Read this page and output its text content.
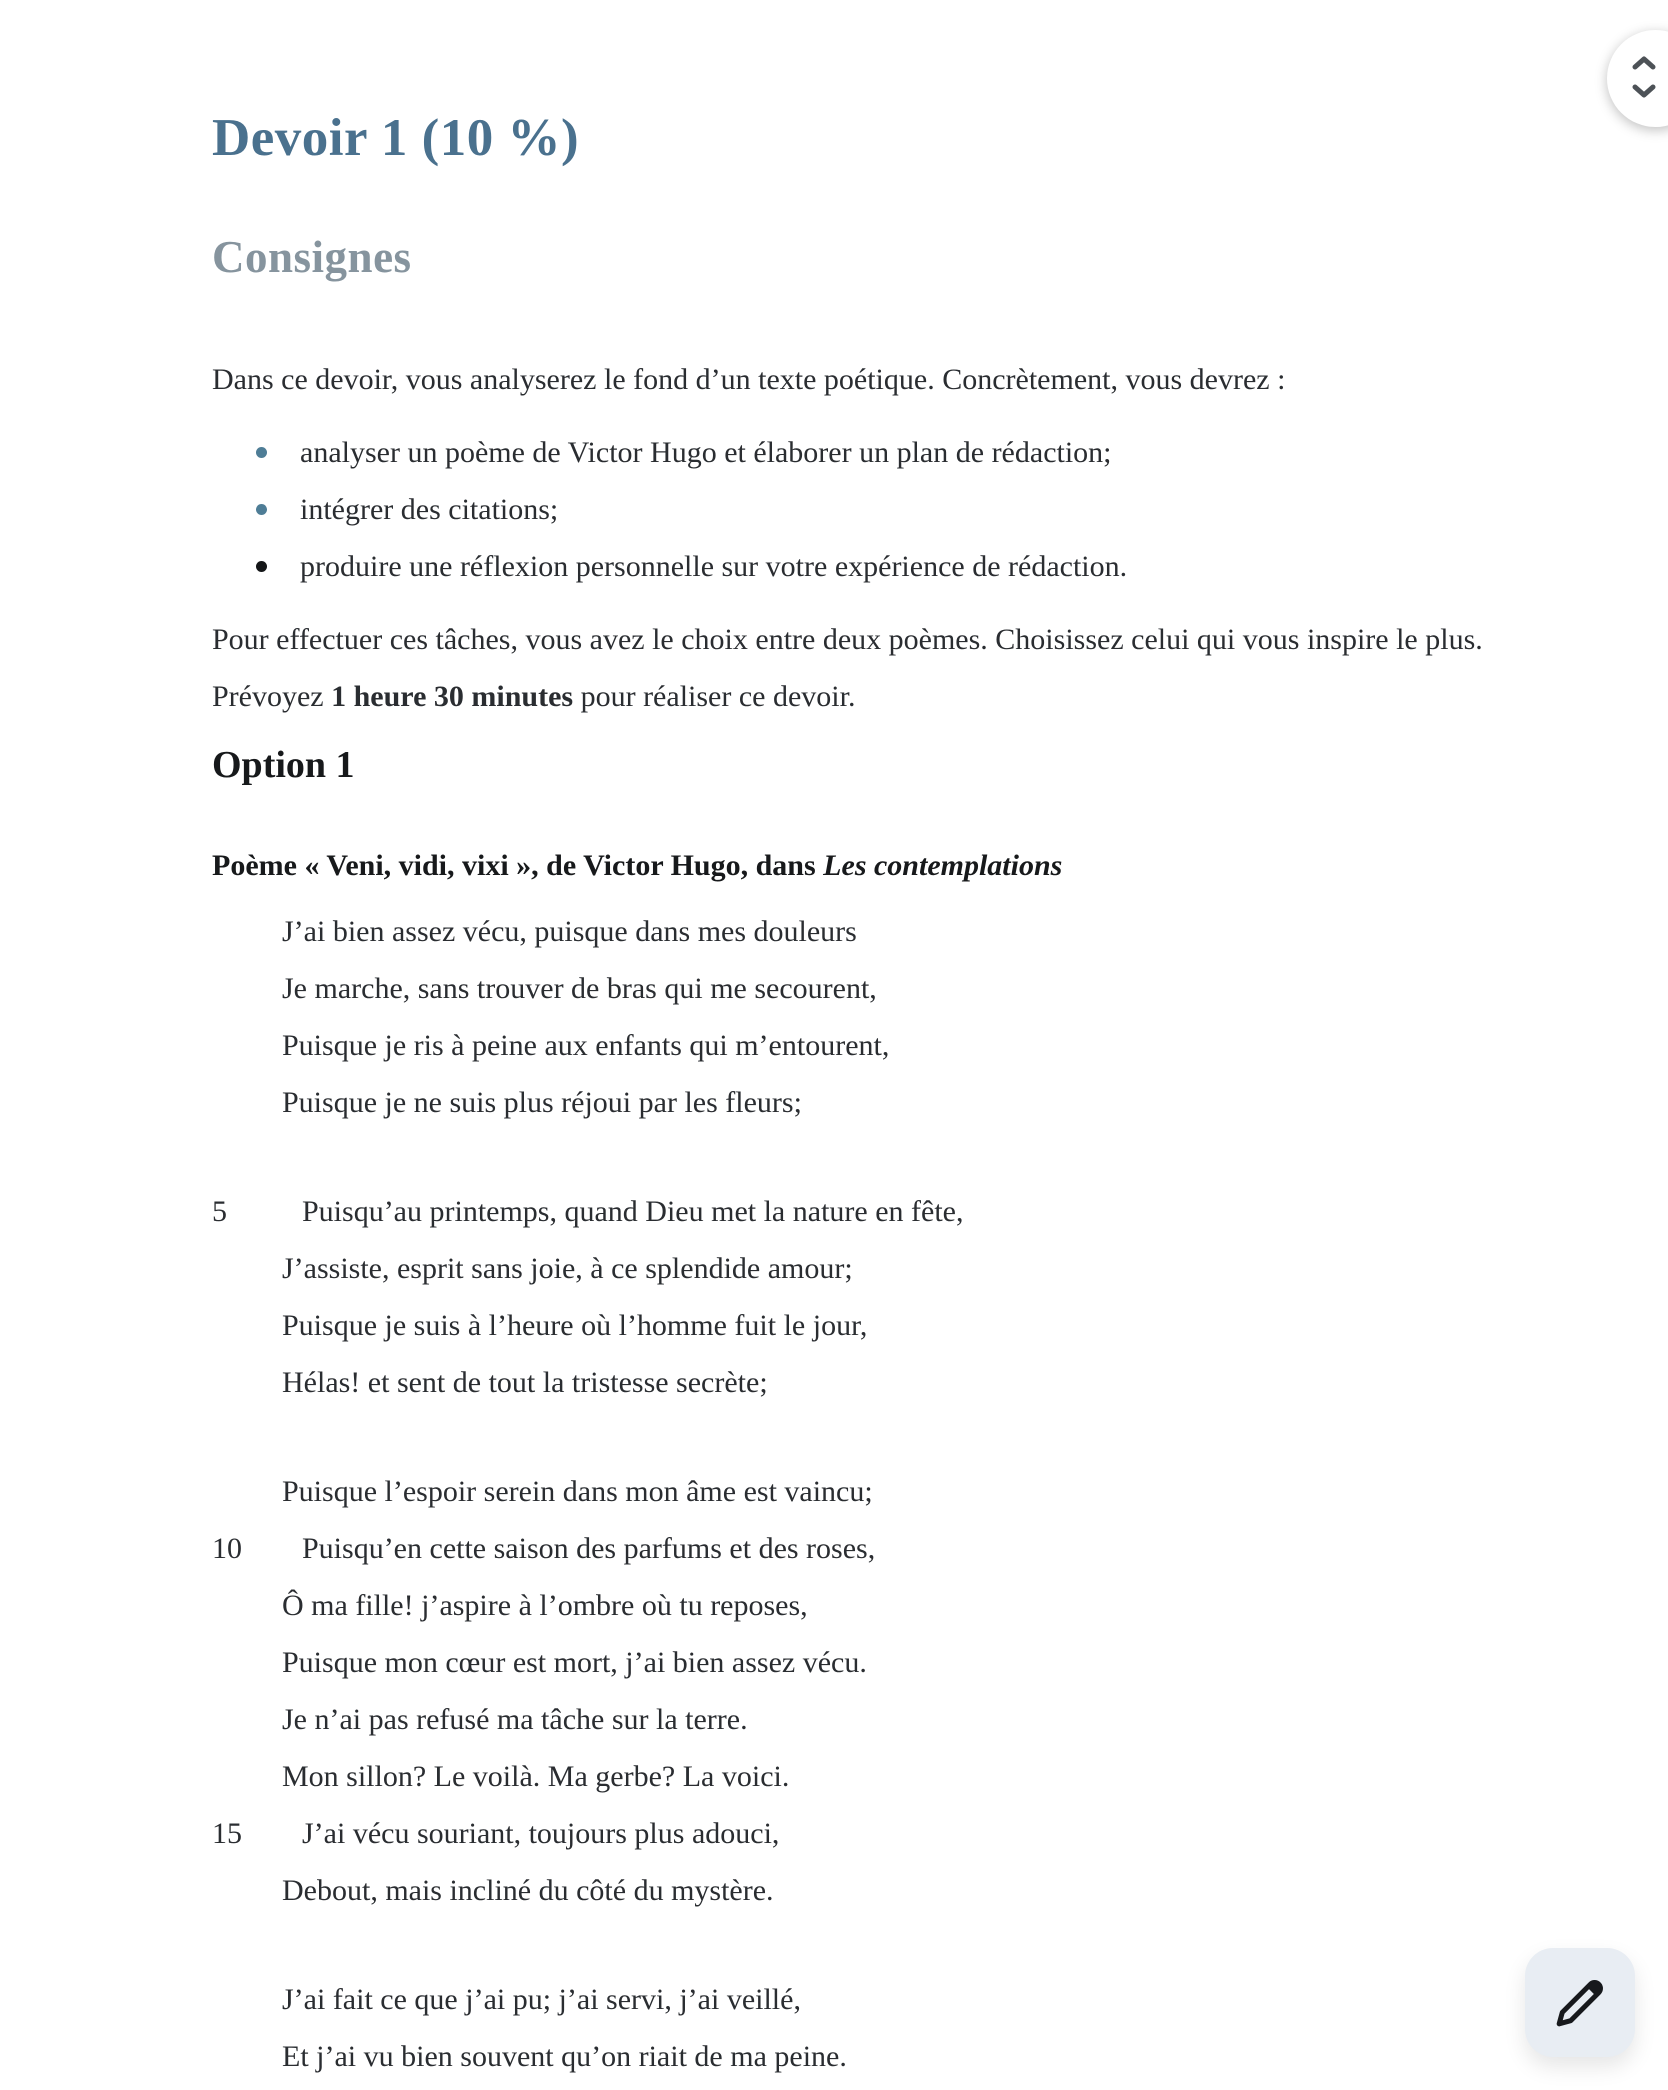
Devoir 1 (10 %)
Consignes

Dans ce devoir, vous analyserez le fond d’un texte poétique. Concrètement, vous devrez :

analyser un poème de Victor Hugo et élaborer un plan de rédaction;
intégrer des citations;
produire une réflexion personnelle sur votre expérience de rédaction.

Pour effectuer ces tâches, vous avez le choix entre deux poèmes. Choisissez celui qui vous inspire le plus.
Prévoyez 1 heure 30 minutes pour réaliser ce devoir.

Option 1

Poème « Veni, vidi, vixi », de Victor Hugo, dans Les contemplations

J’ai bien assez vécu, puisque dans mes douleurs
Je marche, sans trouver de bras qui me secourent,
Puisque je ris à peine aux enfants qui m’entourent,
Puisque je ne suis plus réjoui par les fleurs;
5	Puisqu’au printemps, quand Dieu met la nature en fête,
J’assiste, esprit sans joie, à ce splendide amour;
Puisque je suis à l’heure où l’homme fuit le jour,
Hélas! et sent de tout la tristesse secrète;
Puisque l’espoir serein dans mon âme est vaincu;
10 Puisqu’en cette saison des parfums et des roses,
Ô ma fille! j’aspire à l’ombre où tu reposes,
Puisque mon cœur est mort, j’ai bien assez vécu.
Je n’ai pas refusé ma tâche sur la terre.
Mon sillon? Le voilà. Ma gerbe? La voici.
15 J’ai vécu souriant, toujours plus adouci,
Debout, mais incliné du côté du mystère.
J’ai fait ce que j’ai pu; j’ai servi, j’ai veillé,
Et j’ai vu bien souvent qu’on riait de ma peine.
